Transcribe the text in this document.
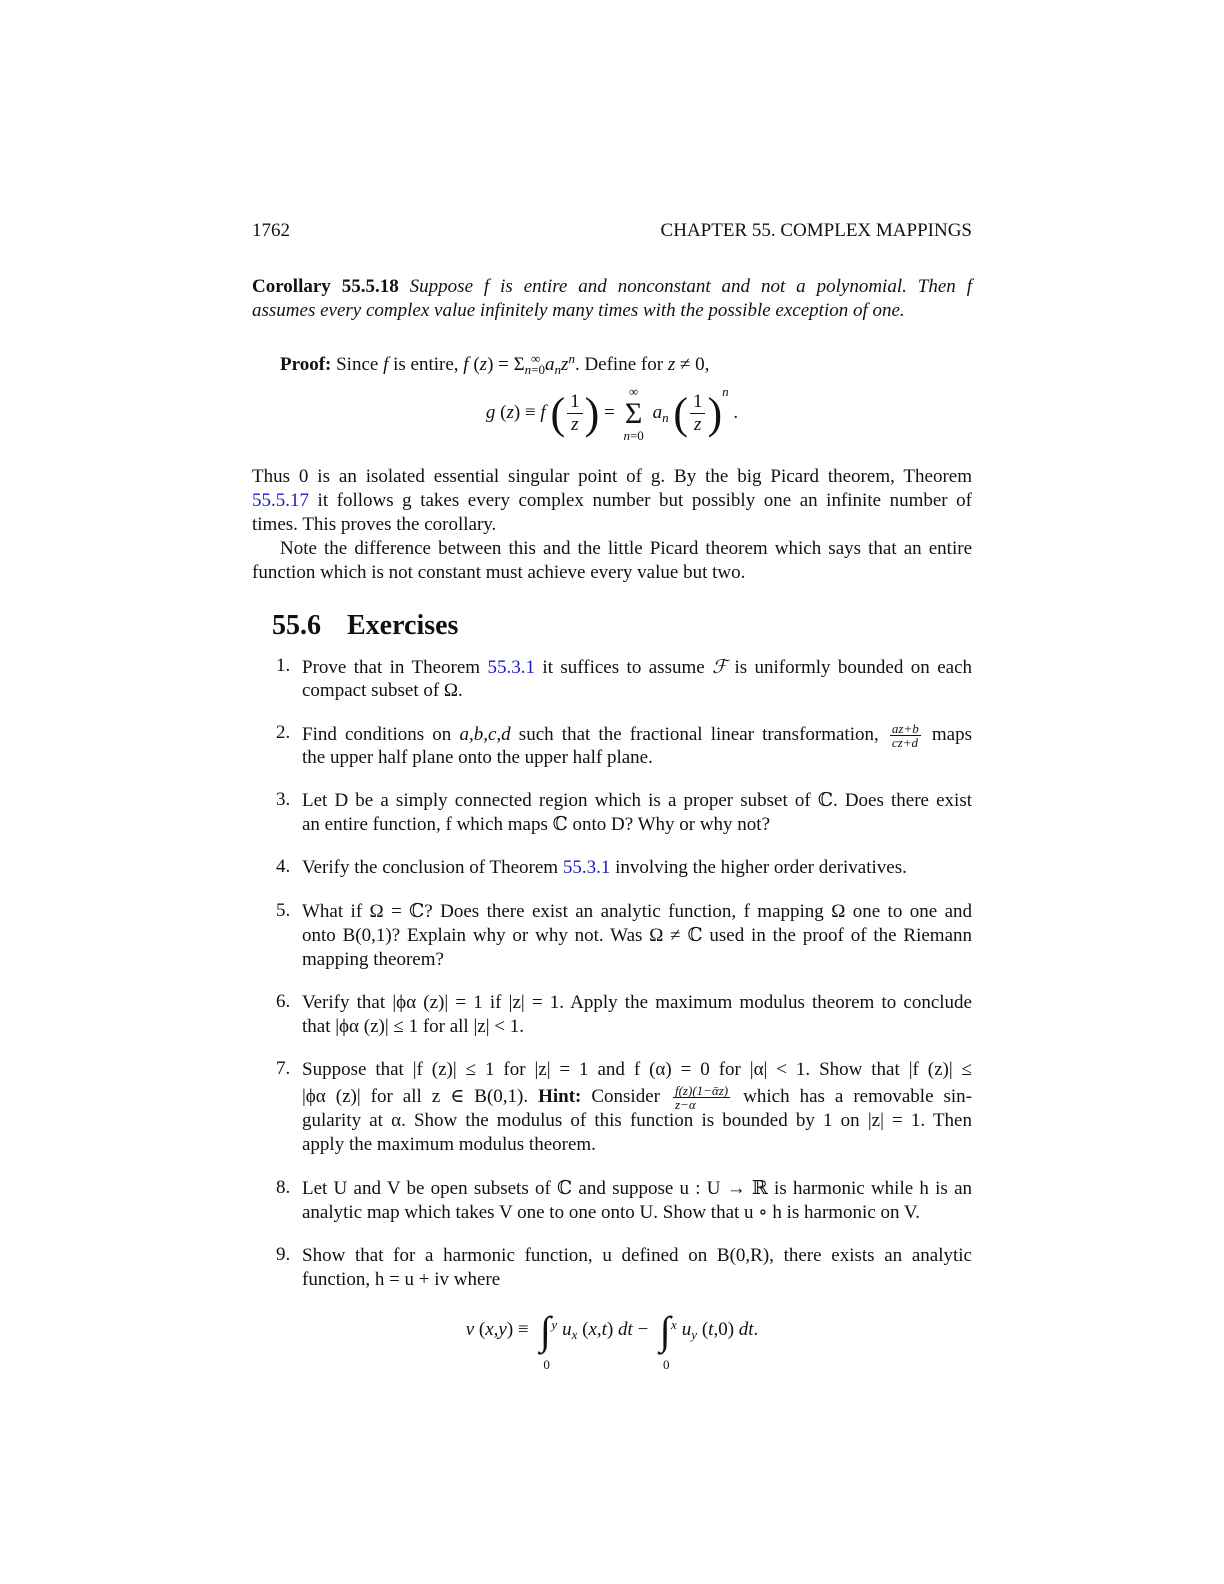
1762	CHAPTER 55. COMPLEX MAPPINGS
Corollary 55.5.18 Suppose f is entire and nonconstant and not a polynomial. Then f
assumes every complex value infinitely many times with the possible exception of one.
Proof: Since f is entire, f $(z) = \Sigma_{n=0}^\infty$ $a_nz^n$. Define for z ≠ 0,
g (z) ≡ f ( $\frac{1}{z}$ ) =
∞
Σ
n=0
$a_n$ ( $\frac{1}{z} )^n$ .
Thus 0 is an isolated essential singular point of g. By the big Picard theorem, Theorem
55.5.17 it follows g takes every complex number but possibly one an infinite number of
times. This proves the corollary.
Note the difference between this and the little Picard theorem which says that an entire
function which is not constant must achieve every value but two.
55.6 Exercises
1. Prove that in Theorem 55.3.1 it suffices to assume ℱ is uniformly bounded on each
compact subset of Ω.
2. Find conditions on a,b,c,d such that the fractional linear transformation, $\frac{az+b}{cz+d}$ maps
the upper half plane onto the upper half plane.
3. Let D be a simply connected region which is a proper subset of ℂ. Does there exist
an entire function, f which maps ℂ onto D? Why or why not?
4. Verify the conclusion of Theorem 55.3.1 involving the higher order derivatives.
5. What if Ω = ℂ? Does there exist an analytic function, f mapping Ω one to one and
onto B(0,1)? Explain why or why not. Was Ω ≠ ℂ used in the proof of the Riemann
mapping theorem?
6. Verify that |ϕα (z)| = 1 if |z| = 1. Apply the maximum modulus theorem to conclude
that |ϕα (z)| ≤ 1 for all |z| < 1.
7. Suppose that |f (z)| ≤ 1 for |z| = 1 and f (α) = 0 for |α| < 1. Show that |f (z)| ≤
|ϕα (z)| for all z ∈ B(0,1). Hint: Consider $\frac{\text{f(z)(1−ᾱz)}}{z-\alpha}$ which has a removable sin-
gularity at α. Show the modulus of this function is bounded by 1 on |z| = 1. Then
apply the maximum modulus theorem.
8. Let U and V be open subsets of ℂ and suppose u : U → ℝ is harmonic while h is an
analytic map which takes V one to one onto U. Show that u ∘ h is harmonic on V.
9. Show that for a harmonic function, u defined on B(0,R), there exists an analytic
function, h = u + iv where
v (x,y) ≡ ∫ y
0
$u_x$ (x,t) dt − ∫ x
0
$u_y$ (t,0) dt.
